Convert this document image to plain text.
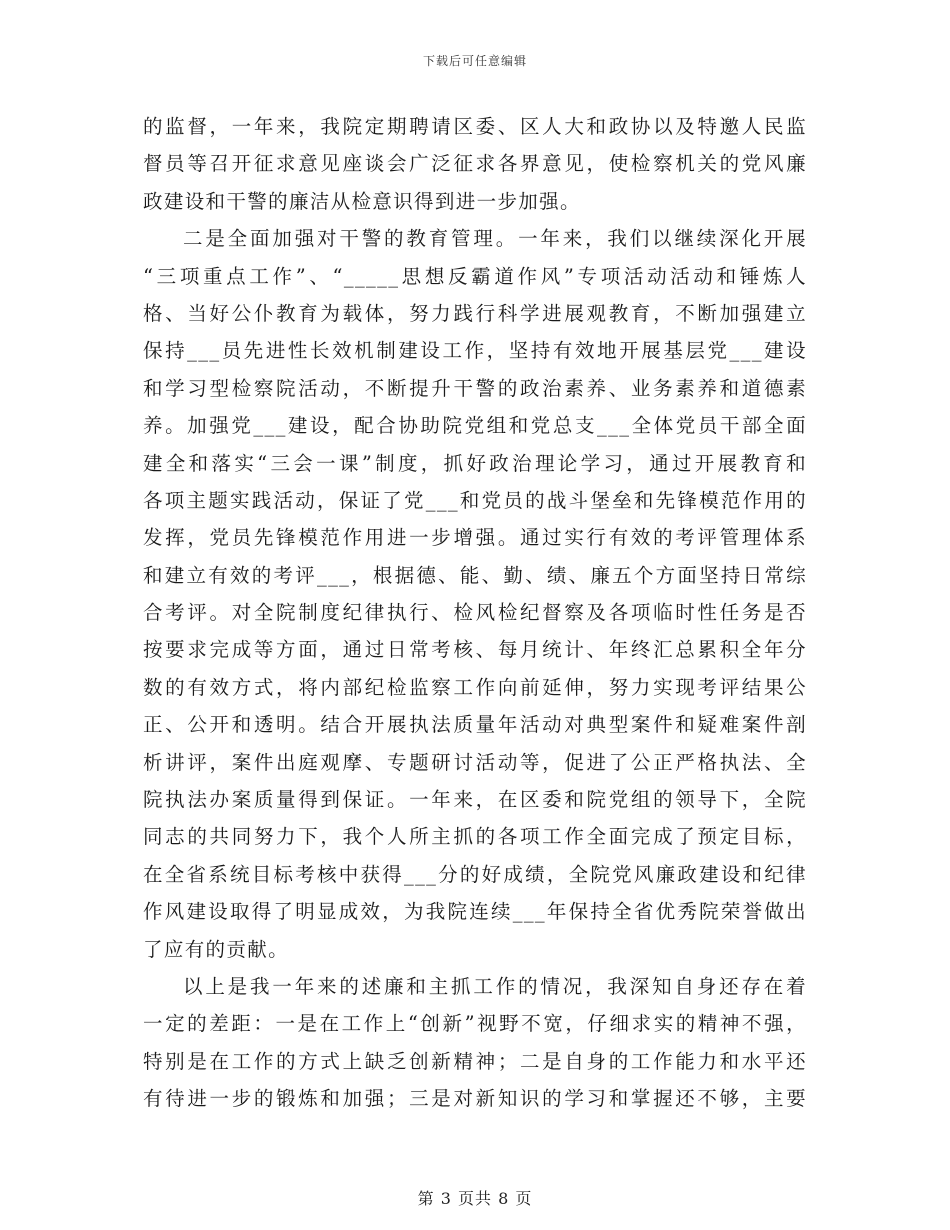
下载后可任意编辑
的监督，一年来，我院定期聘请区委、区人大和政协以及特邀人民监
督员等召开征求意见座谈会广泛征求各界意见，使检察机关的党风廉
政建设和干警的廉洁从检意识得到进一步加强。
二是全面加强对干警的教育管理。一年来，我们以继续深化开展
“三项重点工作”、“_____思想反霸道作风”专项活动活动和锤炼人
格、当好公仆教育为载体，努力践行科学进展观教育，不断加强建立
保持___员先进性长效机制建设工作，坚持有效地开展基层党___建设
和学习型检察院活动，不断提升干警的政治素养、业务素养和道德素
养。加强党___建设，配合协助院党组和党总支___全体党员干部全面
建全和落实“三会一课”制度，抓好政治理论学习，通过开展教育和
各项主题实践活动，保证了党___和党员的战斗堡垒和先锋模范作用的
发挥，党员先锋模范作用进一步增强。通过实行有效的考评管理体系
和建立有效的考评___，根据德、能、勤、绩、廉五个方面坚持日常综
合考评。对全院制度纪律执行、检风检纪督察及各项临时性任务是否
按要求完成等方面，通过日常考核、每月统计、年终汇总累积全年分
数的有效方式，将内部纪检监察工作向前延伸，努力实现考评结果公
正、公开和透明。结合开展执法质量年活动对典型案件和疑难案件剖
析讲评，案件出庭观摩、专题研讨活动等，促进了公正严格执法、全
院执法办案质量得到保证。一年来，在区委和院党组的领导下，全院
同志的共同努力下，我个人所主抓的各项工作全面完成了预定目标，
在全省系统目标考核中获得___分的好成绩，全院党风廉政建设和纪律
作风建设取得了明显成效，为我院连续___年保持全省优秀院荣誉做出
了应有的贡献。
以上是我一年来的述廉和主抓工作的情况，我深知自身还存在着
一定的差距：一是在工作上“创新”视野不宽，仔细求实的精神不强，
特别是在工作的方式上缺乏创新精神；二是自身的工作能力和水平还
有待进一步的锻炼和加强；三是对新知识的学习和掌握还不够，主要
第 3 页共 8 页
